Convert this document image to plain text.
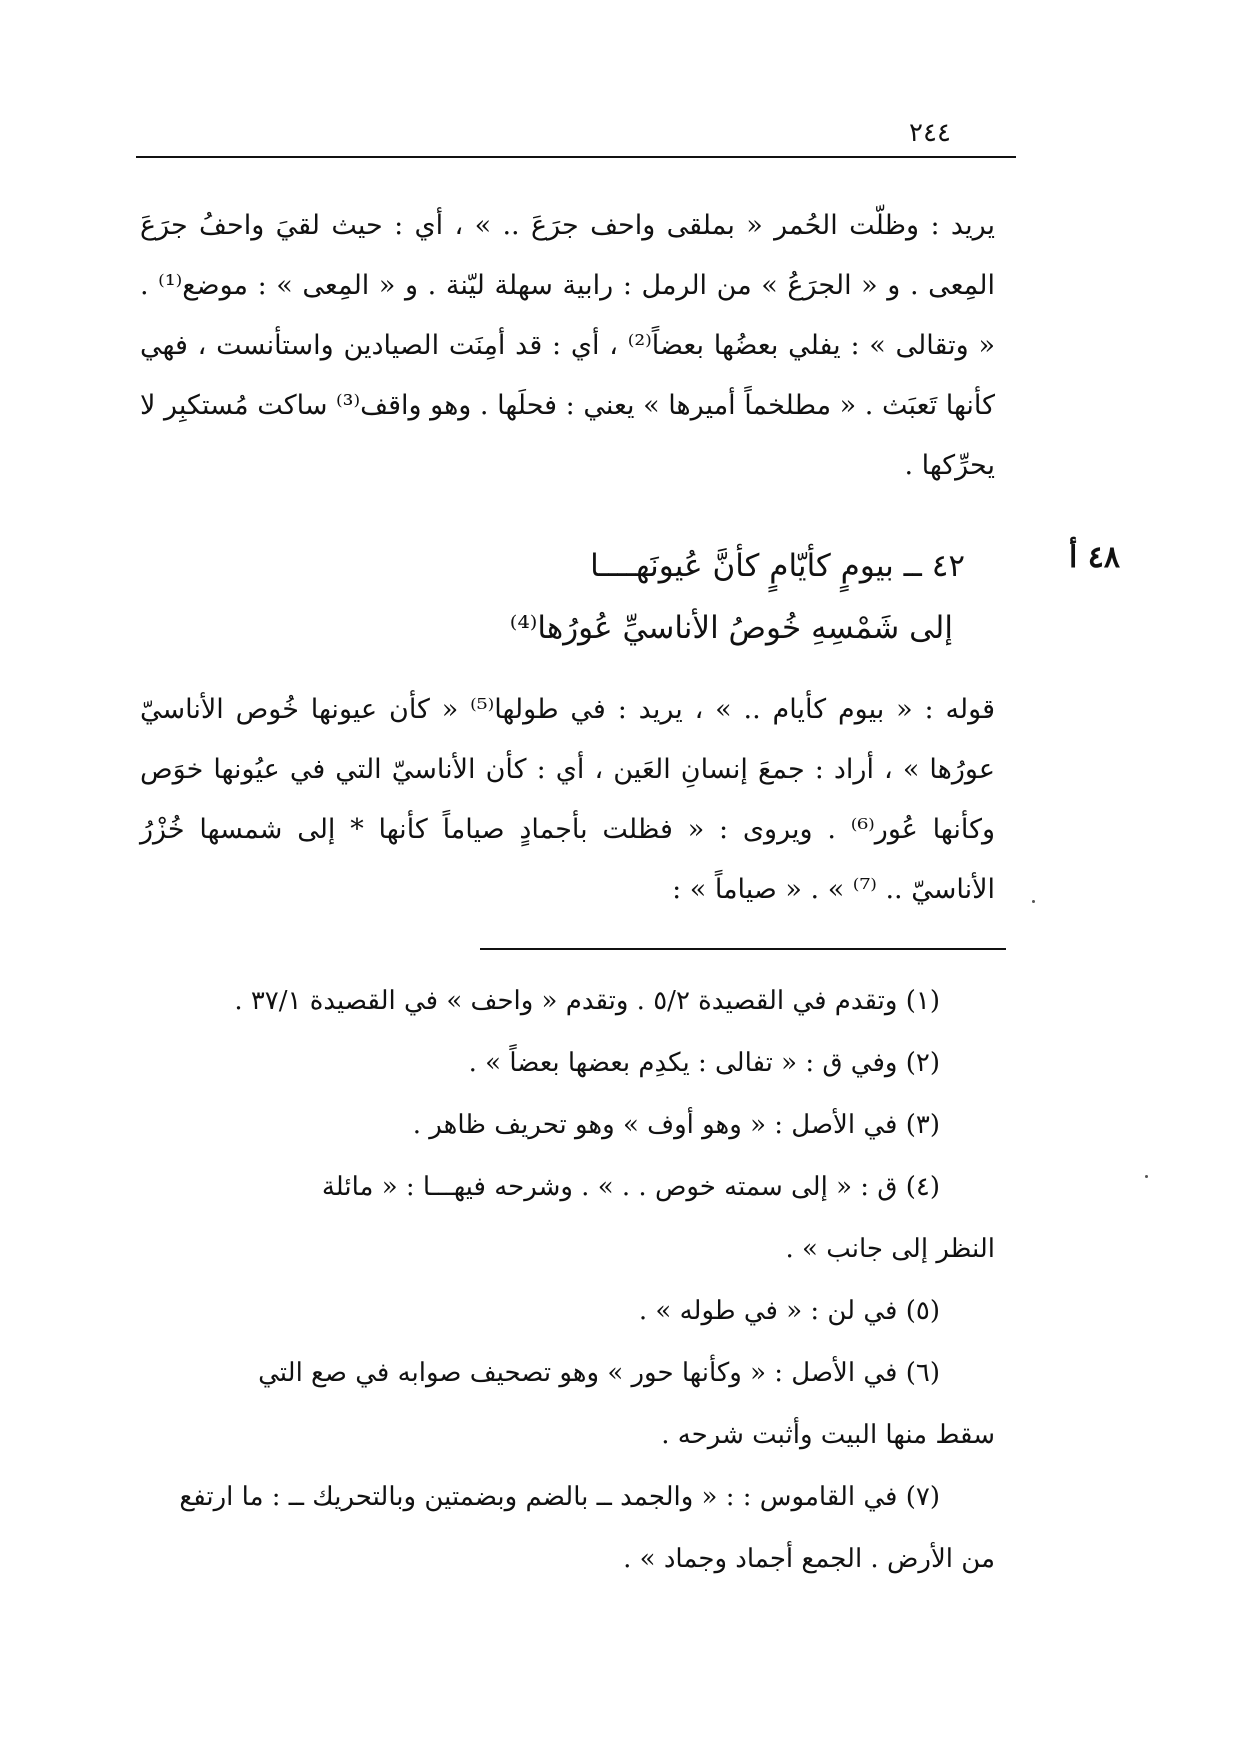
٢٤٤

يريد : وظلّت الحُمر « بملقى واحف جرَعَ .. » ، أي : حيث لقيَ واحفُ جرَعَ المِعى . و « الجرَعُ » من الرمل : رابية سهلة ليّنة . و « المِعى » : موضع⁽¹⁾ . « وتقالى » : يفلي بعضُها بعضاً⁽²⁾ ، أي : قد أمِنَت الصيادين واستأنست ، فهي كأنها تَعبَث . « مطلخماً أميرها » يعني : فحلَها . وهو واقف⁽³⁾ ساكت مُستكبِر لا يحرِّكها .

٤٨ أ
٤٢ ــ بيومٍ كأيّامٍ كأنَّ عُيونَهــــا
إلى شَمْسِهِ خُوصُ الأناسيِّ عُورُها⁽⁴⁾

قوله : « بيوم كأيام .. » ، يريد : في طولها⁽⁵⁾ « كأن عيونها خُوص الأناسيّ عورُها » ، أراد : جمعَ إنسانِ العَين ، أي : كأن الأناسيّ التي في عيُونها خوَص وكأنها عُور⁽⁶⁾ . ويروى : « فظلت بأجمادٍ صياماً كأنها * إلى شمسها خُزْرُ الأناسيّ .. ⁽⁷⁾ » . « صياماً » :

(١) وتقدم في القصيدة ٥/٢ . وتقدم « واحف » في القصيدة ٣٧/١ .

(٢) وفي ق : « تفالى : يكدِم بعضها بعضاً » .

(٣) في الأصل : « وهو أوف » وهو تحريف ظاهر .

(٤) ق : « إلى سمته خوص . . » . وشرحه فيهـــا : « مائلة

النظر إلى جانب » .

(٥) في لن : « في طوله » .

(٦) في الأصل : « وكأنها حور » وهو تصحيف صوابه في صع التي

سقط منها البيت وأثبت شرحه .

(٧) في القاموس : : « والجمد ــ بالضم وبضمتين وبالتحريك ــ : ما ارتفع

من الأرض . الجمع أجماد وجماد » .
